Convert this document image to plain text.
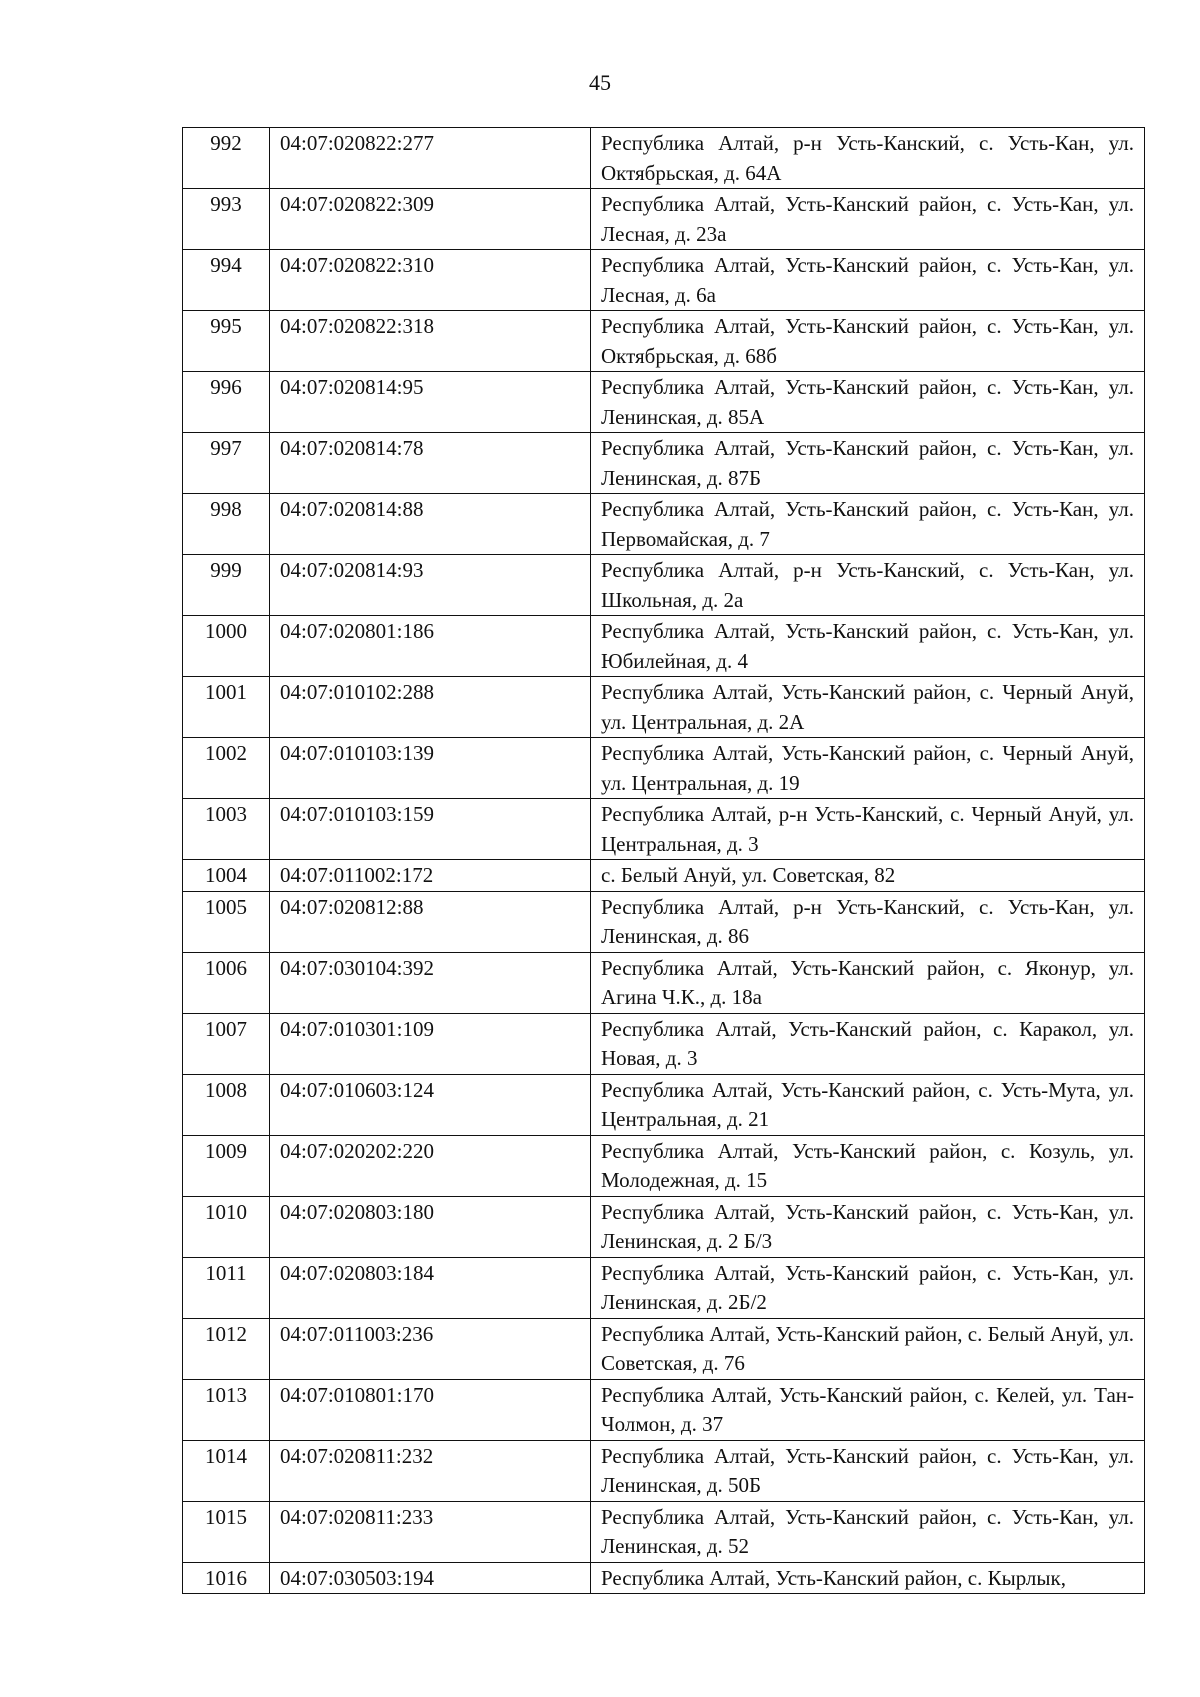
45
992	04:07:020822:277	Республика Алтай, р-н Усть-Канский, с. Усть-Кан, ул. Октябрьская, д. 64А
993	04:07:020822:309	Республика Алтай, Усть-Канский район, с. Усть-Кан, ул. Лесная, д. 23а
994	04:07:020822:310	Республика Алтай, Усть-Канский район, с. Усть-Кан, ул. Лесная, д. 6а
995	04:07:020822:318	Республика Алтай, Усть-Канский район, с. Усть-Кан, ул. Октябрьская, д. 68б
996	04:07:020814:95	Республика Алтай, Усть-Канский район, с. Усть-Кан, ул. Ленинская, д. 85А
997	04:07:020814:78	Республика Алтай, Усть-Канский район, с. Усть-Кан, ул. Ленинская, д. 87Б
998	04:07:020814:88	Республика Алтай, Усть-Канский район, с. Усть-Кан, ул. Первомайская, д. 7
999	04:07:020814:93	Республика Алтай, р-н Усть-Канский, с. Усть-Кан, ул. Школьная, д. 2а
1000	04:07:020801:186	Республика Алтай, Усть-Канский район, с. Усть-Кан, ул. Юбилейная, д. 4
1001	04:07:010102:288	Республика Алтай, Усть-Канский район, с. Черный Ануй, ул. Центральная, д. 2А
1002	04:07:010103:139	Республика Алтай, Усть-Канский район, с. Черный Ануй, ул. Центральная, д. 19
1003	04:07:010103:159	Республика Алтай, р-н Усть-Канский, с. Черный Ануй, ул. Центральная, д. 3
1004	04:07:011002:172	с. Белый Ануй, ул. Советская, 82
1005	04:07:020812:88	Республика Алтай, р-н Усть-Канский, с. Усть-Кан, ул. Ленинская, д. 86
1006	04:07:030104:392	Республика Алтай, Усть-Канский район, с. Яконур, ул. Агина Ч.К., д. 18а
1007	04:07:010301:109	Республика Алтай, Усть-Канский район, с. Каракол, ул. Новая, д. 3
1008	04:07:010603:124	Республика Алтай, Усть-Канский район, с. Усть-Мута, ул. Центральная, д. 21
1009	04:07:020202:220	Республика Алтай, Усть-Канский район, с. Козуль, ул. Молодежная, д. 15
1010	04:07:020803:180	Республика Алтай, Усть-Канский район, с. Усть-Кан, ул. Ленинская, д. 2 Б/3
1011	04:07:020803:184	Республика Алтай, Усть-Канский район, с. Усть-Кан, ул. Ленинская, д. 2Б/2
1012	04:07:011003:236	Республика Алтай, Усть-Канский район, с. Белый Ануй, ул. Советская, д. 76
1013	04:07:010801:170	Республика Алтай, Усть-Канский район, с. Келей, ул. Тан-Чолмон, д. 37
1014	04:07:020811:232	Республика Алтай, Усть-Канский район, с. Усть-Кан, ул. Ленинская, д. 50Б
1015	04:07:020811:233	Республика Алтай, Усть-Канский район, с. Усть-Кан, ул. Ленинская, д. 52
1016	04:07:030503:194	Республика Алтай, Усть-Канский район, с. Кырлык,
